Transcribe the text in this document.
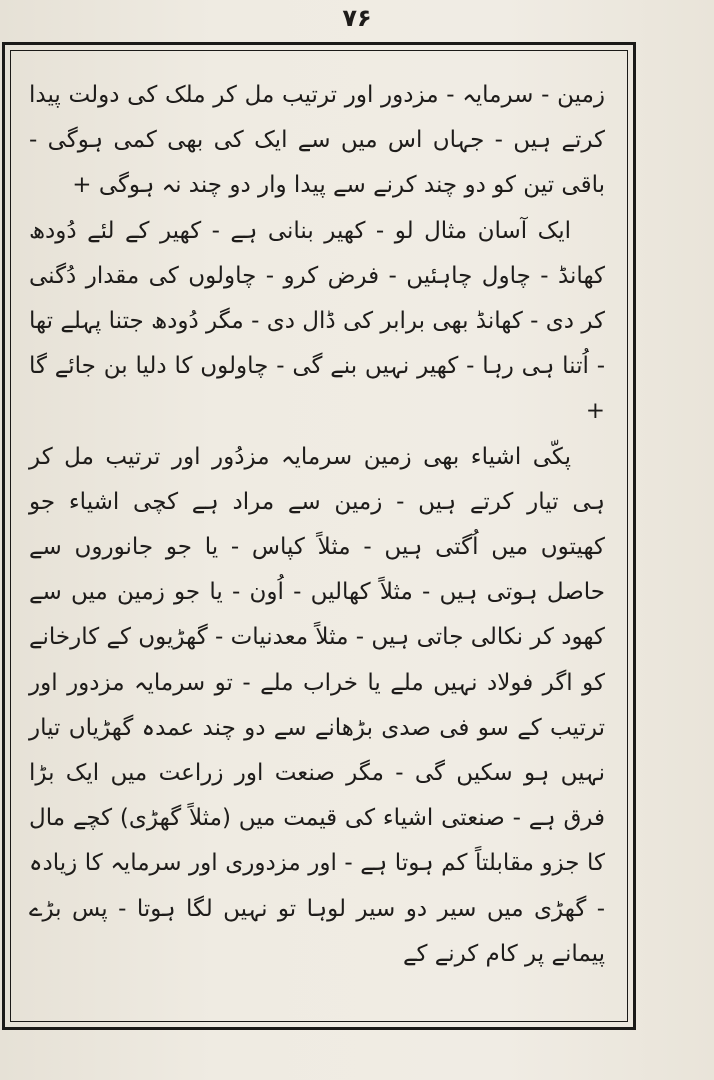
۷۶

زمین - سرمایہ - مزدور اور ترتیب مل کر ملک کی دولت پیدا کرتے ہیں - جہاں اس میں سے ایک کی بھی کمی ہوگی - باقی تین کو دو چند کرنے سے پیدا وار دو چند نہ ہوگی +

ایک آسان مثال لو - کھیر بنانی ہے - کھیر کے لئے دُودھ کھانڈ - چاول چاہئیں - فرض کرو - چاولوں کی مقدار دُگنی کر دی - کھانڈ بھی برابر کی ڈال دی - مگر دُودھ جتنا پہلے تھا - اُتنا ہی رہا - کھیر نہیں بنے گی - چاولوں کا دلیا بن جائے گا +

پکّی اشیاء بھی زمین سرمایہ مزدُور اور ترتیب مل کر ہی تیار کرتے ہیں - زمین سے مراد ہے کچی اشیاء جو کھیتوں میں اُگتی ہیں - مثلاً کپاس - یا جو جانوروں سے حاصل ہوتی ہیں - مثلاً کھالیں - اُون - یا جو زمین میں سے کھود کر نکالی جاتی ہیں - مثلاً معدنیات - گھڑیوں کے کارخانے کو اگر فولاد نہیں ملے یا خراب ملے - تو سرمایہ مزدور اور ترتیب کے سو فی صدی بڑھانے سے دو چند عمدہ گھڑیاں تیار نہیں ہو سکیں گی - مگر صنعت اور زراعت میں ایک بڑا فرق ہے - صنعتی اشیاء کی قیمت میں (مثلاً گھڑی) کچے مال کا جزو مقابلتاً کم ہوتا ہے - اور مزدوری اور سرمایہ کا زیادہ - گھڑی میں سیر دو سیر لوہا تو نہیں لگا ہوتا - پس بڑے پیمانے پر کام کرنے کے
